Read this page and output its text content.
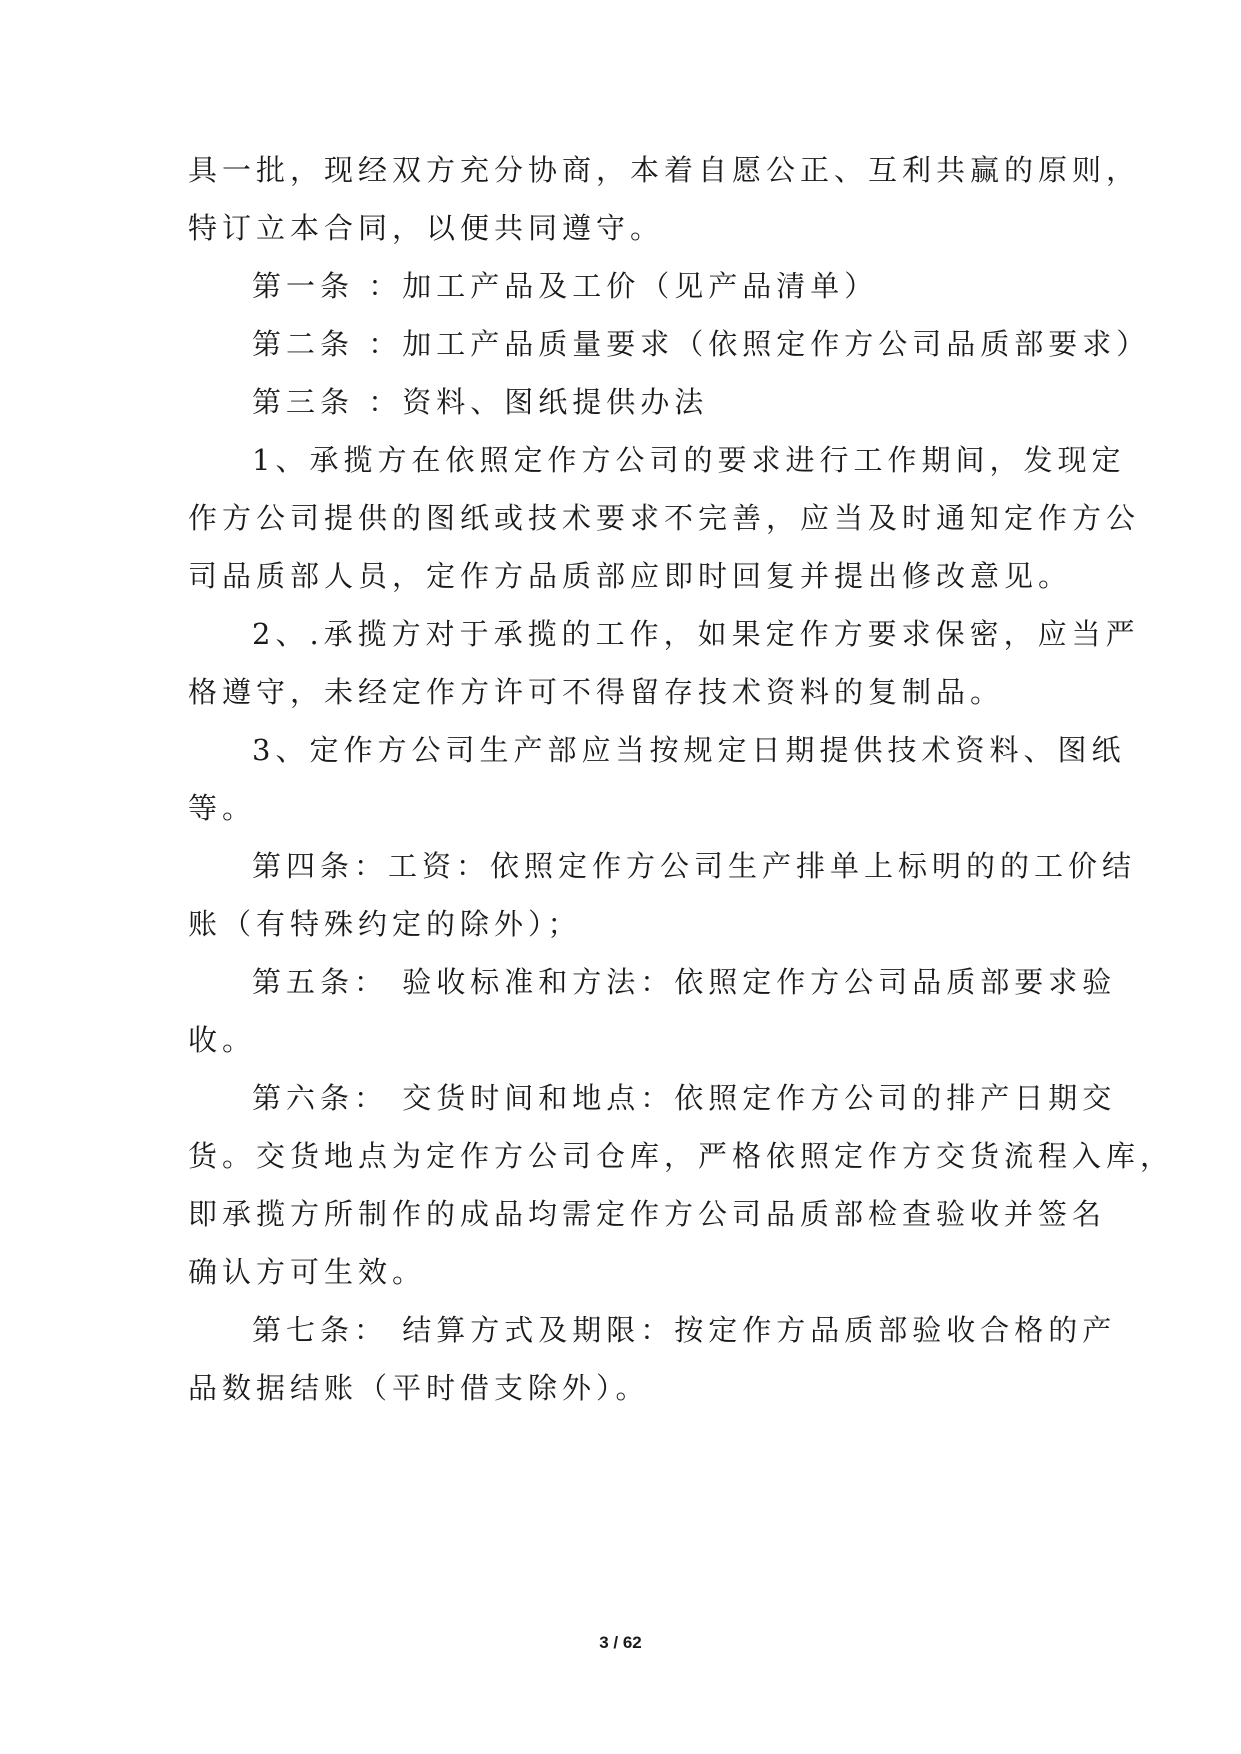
具一批，现经双方充分协商，本着自愿公正、互利共赢的原则，
特订立本合同，以便共同遵守。
第一条 ：加工产品及工价（见产品清单）
第二条 ：加工产品质量要求（依照定作方公司品质部要求）
第三条 ：资料、图纸提供办法
1、承揽方在依照定作方公司的要求进行工作期间，发现定
作方公司提供的图纸或技术要求不完善，应当及时通知定作方公
司品质部人员，定作方品质部应即时回复并提出修改意见。
2、.承揽方对于承揽的工作，如果定作方要求保密，应当严
格遵守，未经定作方许可不得留存技术资料的复制品。
3、定作方公司生产部应当按规定日期提供技术资料、图纸
等。
第四条：工资：依照定作方公司生产排单上标明的的工价结
账（有特殊约定的除外）；
第五条： 验收标准和方法：依照定作方公司品质部要求验
收。
第六条： 交货时间和地点：依照定作方公司的排产日期交
货。交货地点为定作方公司仓库，严格依照定作方交货流程入库，
即承揽方所制作的成品均需定作方公司品质部检查验收并签名
确认方可生效。
第七条： 结算方式及期限：按定作方品质部验收合格的产
品数据结账（平时借支除外）。
3 / 62
